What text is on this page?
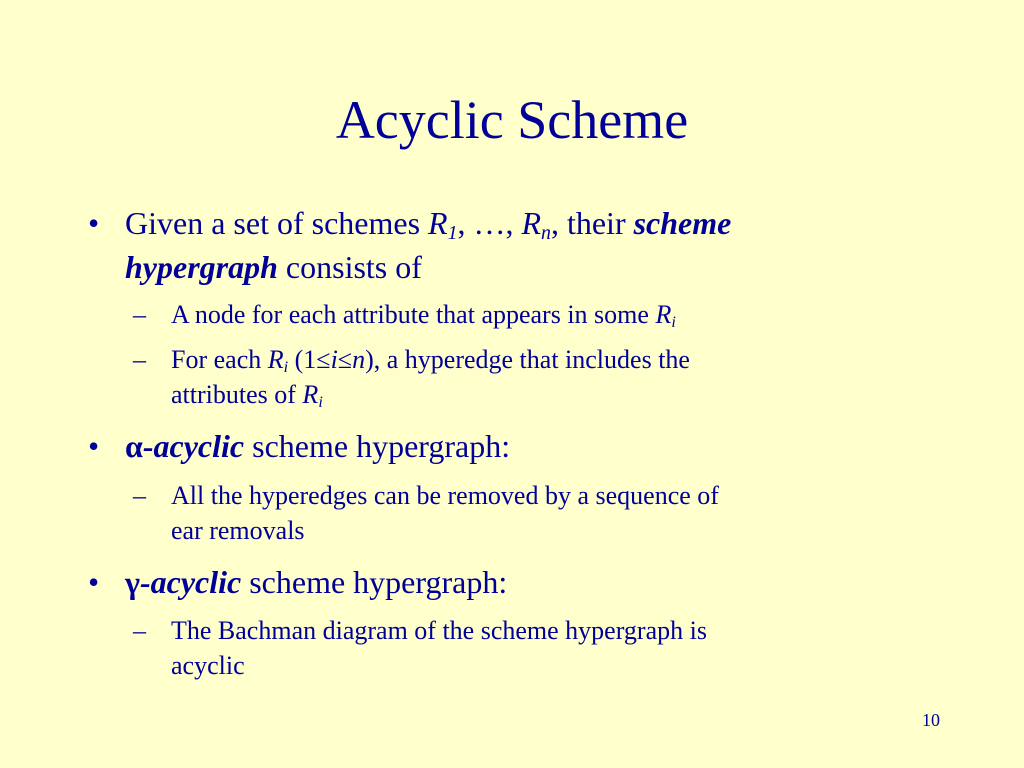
Acyclic Scheme
• Given a set of schemes $R_1$, …, $R_n$, their scheme
hypergraph consists of
– A node for each attribute that appears in some $R_i$
– For each $R_i$ (1≤i≤n), a hyperedge that includes the
attributes of $R_i$
• α-acyclic scheme hypergraph:
– All the hyperedges can be removed by a sequence of
ear removals
• γ-acyclic scheme hypergraph:
– The Bachman diagram of the scheme hypergraph is
acyclic
10
